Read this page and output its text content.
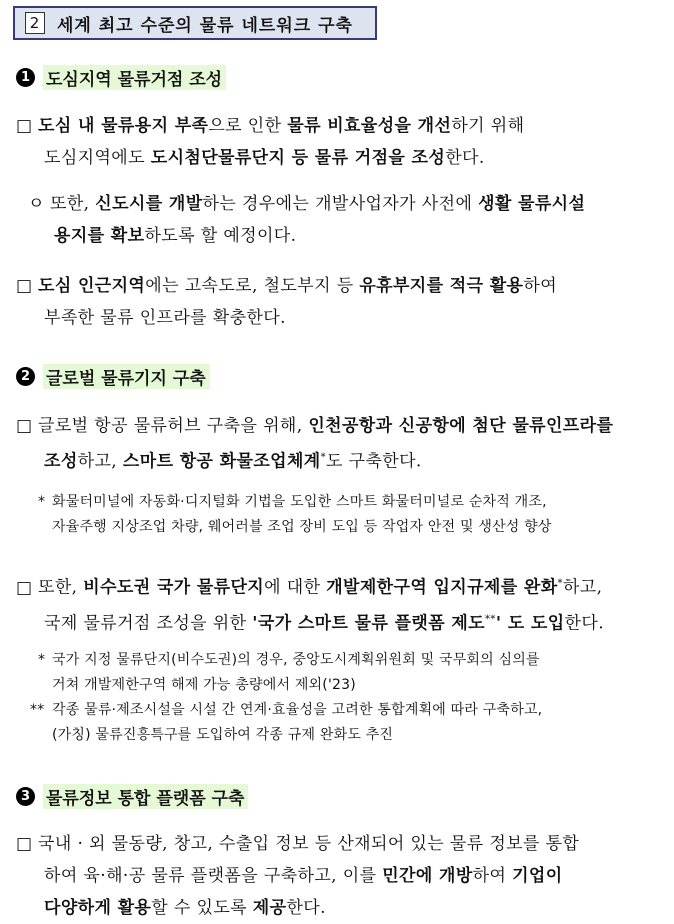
2 세계 최고 수준의 물류 네트워크 구축
1 도심지역 물류거점 조성
□ 도심 내 물류용지 부족으로 인한 물류 비효율성을 개선하기 위해
도심지역에도 도시첨단물류단지 등 물류 거점을 조성한다.
ㅇ 또한, 신도시를 개발하는 경우에는 개발사업자가 사전에 생활 물류시설
용지를 확보하도록 할 예정이다.
□ 도심 인근지역에는 고속도로, 철도부지 등 유휴부지를 적극 활용하여
부족한 물류 인프라를 확충한다.
2 글로벌 물류기지 구축
□ 글로벌 항공 물류허브 구축을 위해, 인천공항과 신공항에 첨단 물류인프라를
조성하고, 스마트 항공 화물조업체계*도 구축한다.
* 화물터미널에 자동화·디지털화 기법을 도입한 스마트 화물터미널로 순차적 개조,
자율주행 지상조업 차량, 웨어러블 조업 장비 도입 등 작업자 안전 및 생산성 향상
□ 또한, 비수도권 국가 물류단지에 대한 개발제한구역 입지규제를 완화*하고,
국제 물류거점 조성을 위한 '국가 스마트 물류 플랫폼 제도**' 도 도입한다.
* 국가 지정 물류단지(비수도권)의 경우, 중앙도시계획위원회 및 국무회의 심의를
거쳐 개발제한구역 해제 가능 총량에서 제외('23)
** 각종 물류·제조시설을 시설 간 연계·효율성을 고려한 통합계획에 따라 구축하고,
(가칭) 물류진흥특구를 도입하여 각종 규제 완화도 추진
3 물류정보 통합 플랫폼 구축
□ 국내 · 외 물동량, 창고, 수출입 정보 등 산재되어 있는 물류 정보를 통합
하여 육·해·공 물류 플랫폼을 구축하고, 이를 민간에 개방하여 기업이
다양하게 활용할 수 있도록 제공한다.
